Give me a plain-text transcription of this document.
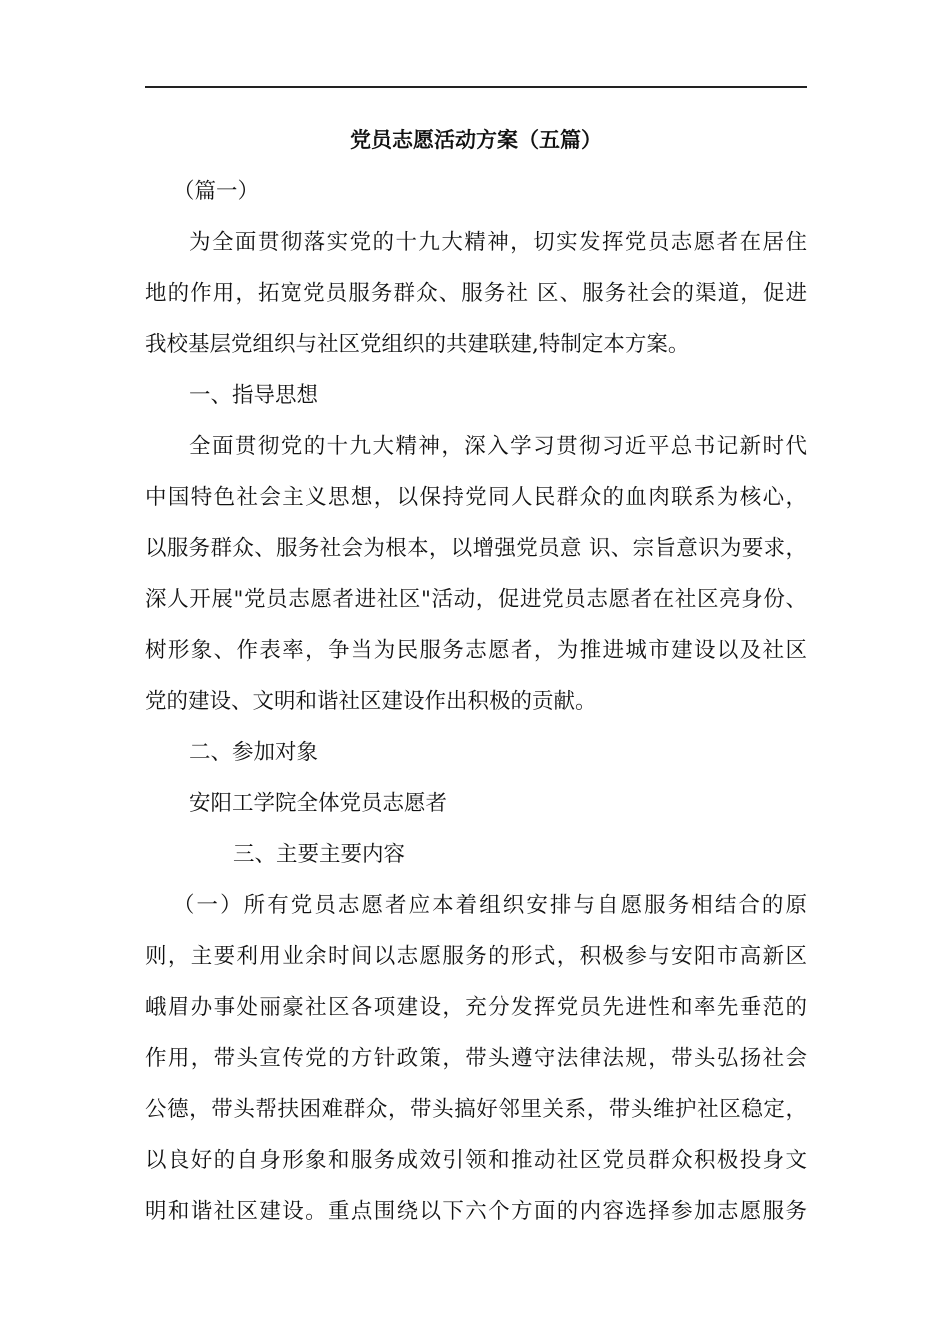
党员志愿活动方案（五篇）
（篇一）
为全面贯彻落实党的十九大精神，切实发挥党员志愿者在居住
地的作用，拓宽党员服务群众、服务社 区、服务社会的渠道，促进
我校基层党组织与社区党组织的共建联建,特制定本方案。
一、指导思想
全面贯彻党的十九大精神，深入学习贯彻习近平总书记新时代
中国特色社会主义思想，以保持党同人民群众的血肉联系为核心，
以服务群众、服务社会为根本，以增强党员意 识、宗旨意识为要求，
深人开展"党员志愿者进社区"活动，促进党员志愿者在社区亮身份、
树形象、作表率，争当为民服务志愿者，为推进城市建设以及社区
党的建设、文明和谐社区建设作出积极的贡献。
二、参加对象
安阳工学院全体党员志愿者
三、主要主要内容
（一）所有党员志愿者应本着组织安排与自愿服务相结合的原
则，主要利用业余时间以志愿服务的形式，积极参与安阳市高新区
峨眉办事处丽豪社区各项建设，充分发挥党员先进性和率先垂范的
作用，带头宣传党的方针政策，带头遵守法律法规，带头弘扬社会
公德，带头帮扶困难群众，带头搞好邻里关系，带头维护社区稳定，
以良好的自身形象和服务成效引领和推动社区党员群众积极投身文
明和谐社区建设。重点围绕以下六个方面的内容选择参加志愿服务
